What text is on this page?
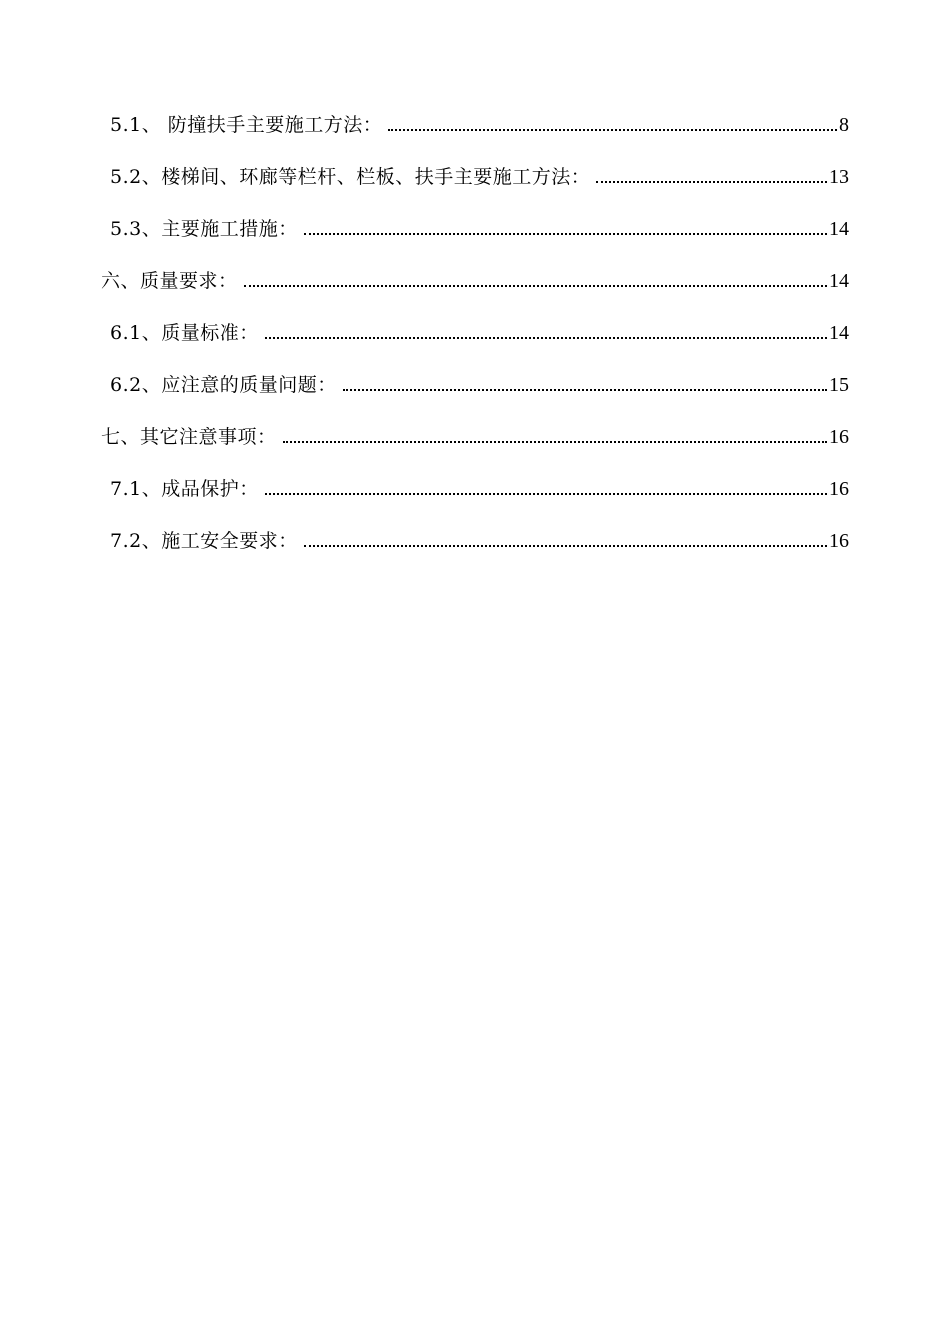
5.1、 防撞扶手主要施工方法：	8
5.2、楼梯间、环廊等栏杆、栏板、扶手主要施工方法：	13
5.3、主要施工措施：	14
六、质量要求：	14
6.1、质量标准：	14
6.2、应注意的质量问题：	15
七、其它注意事项：	16
7.1、成品保护：	16
7.2、施工安全要求：	16
